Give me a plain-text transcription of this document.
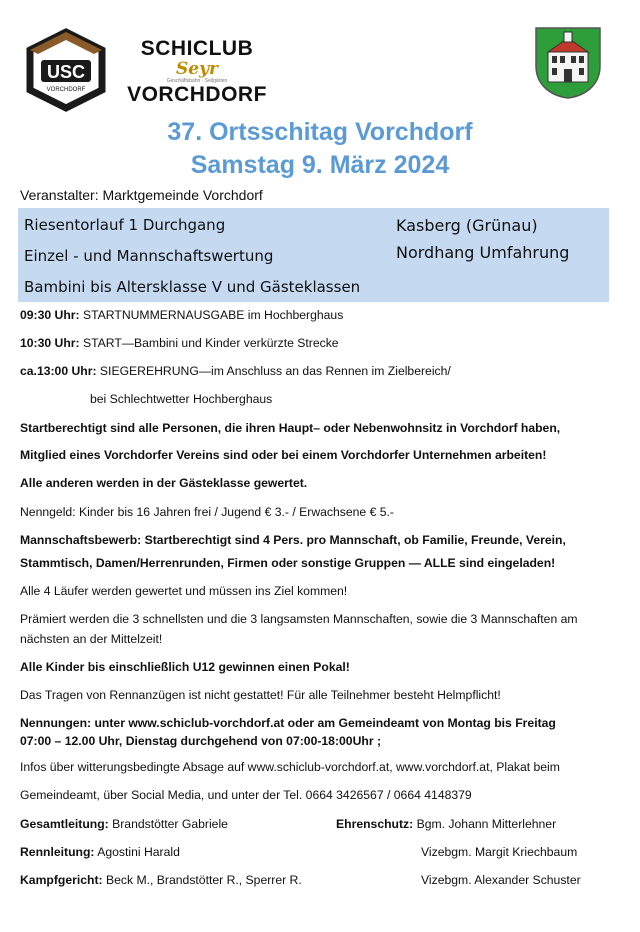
USC
VORCHDORF
SCHICLUB
Seyr
Geschäftsbahn · Seilgärten
VORCHDORF
37. Ortsschitag Vorchdorf
Samstag 9. März 2024
Veranstalter: Marktgemeinde Vorchdorf
Riesentorlauf 1 Durchgang
Einzel - und Mannschaftswertung
Bambini bis Altersklasse V und Gästeklassen
Kasberg (Grünau)
Nordhang Umfahrung
09:30 Uhr: STARTNUMMERNAUSGABE im Hochberghaus
10:30 Uhr: START—Bambini und Kinder verkürzte Strecke
ca.13:00 Uhr: SIEGEREHRUNG—im Anschluss an das Rennen im Zielbereich/
bei Schlechtwetter Hochberghaus
Startberechtigt sind alle Personen, die ihren Haupt– oder Nebenwohnsitz in Vorchdorf haben,
Mitglied eines Vorchdorfer Vereins sind oder bei einem Vorchdorfer Unternehmen arbeiten!
Alle anderen werden in der Gästeklasse gewertet.
Nenngeld: Kinder bis 16 Jahren frei / Jugend € 3.- / Erwachsene € 5.-
Mannschaftsbewerb: Startberechtigt sind 4 Pers. pro Mannschaft, ob Familie, Freunde, Verein,
Stammtisch, Damen/Herrenrunden, Firmen oder sonstige Gruppen — ALLE sind eingeladen!
Alle 4 Läufer werden gewertet und müssen ins Ziel kommen!
Prämiert werden die 3 schnellsten und die 3 langsamsten Mannschaften, sowie die 3 Mannschaften am
nächsten an der Mittelzeit!
Alle Kinder bis einschließlich U12 gewinnen einen Pokal!
Das Tragen von Rennanzügen ist nicht gestattet! Für alle Teilnehmer besteht Helmpflicht!
Nennungen: unter www.schiclub-vorchdorf.at oder am Gemeindeamt von Montag bis Freitag
07:00 – 12.00 Uhr, Dienstag durchgehend von 07:00-18:00Uhr ;
Infos über witterungsbedingte Absage auf www.schiclub-vorchdorf.at, www.vorchdorf.at, Plakat beim
Gemeindeamt, über Social Media, und unter der Tel. 0664 3426567 / 0664 4148379
Gesamtleitung: Brandstötter Gabriele
Rennleitung: Agostini Harald
Kampfgericht: Beck M., Brandstötter R., Sperrer R.
Ehrenschutz: Bgm. Johann Mitterlehner
Vizebgm. Margit Kriechbaum
Vizebgm. Alexander Schuster
